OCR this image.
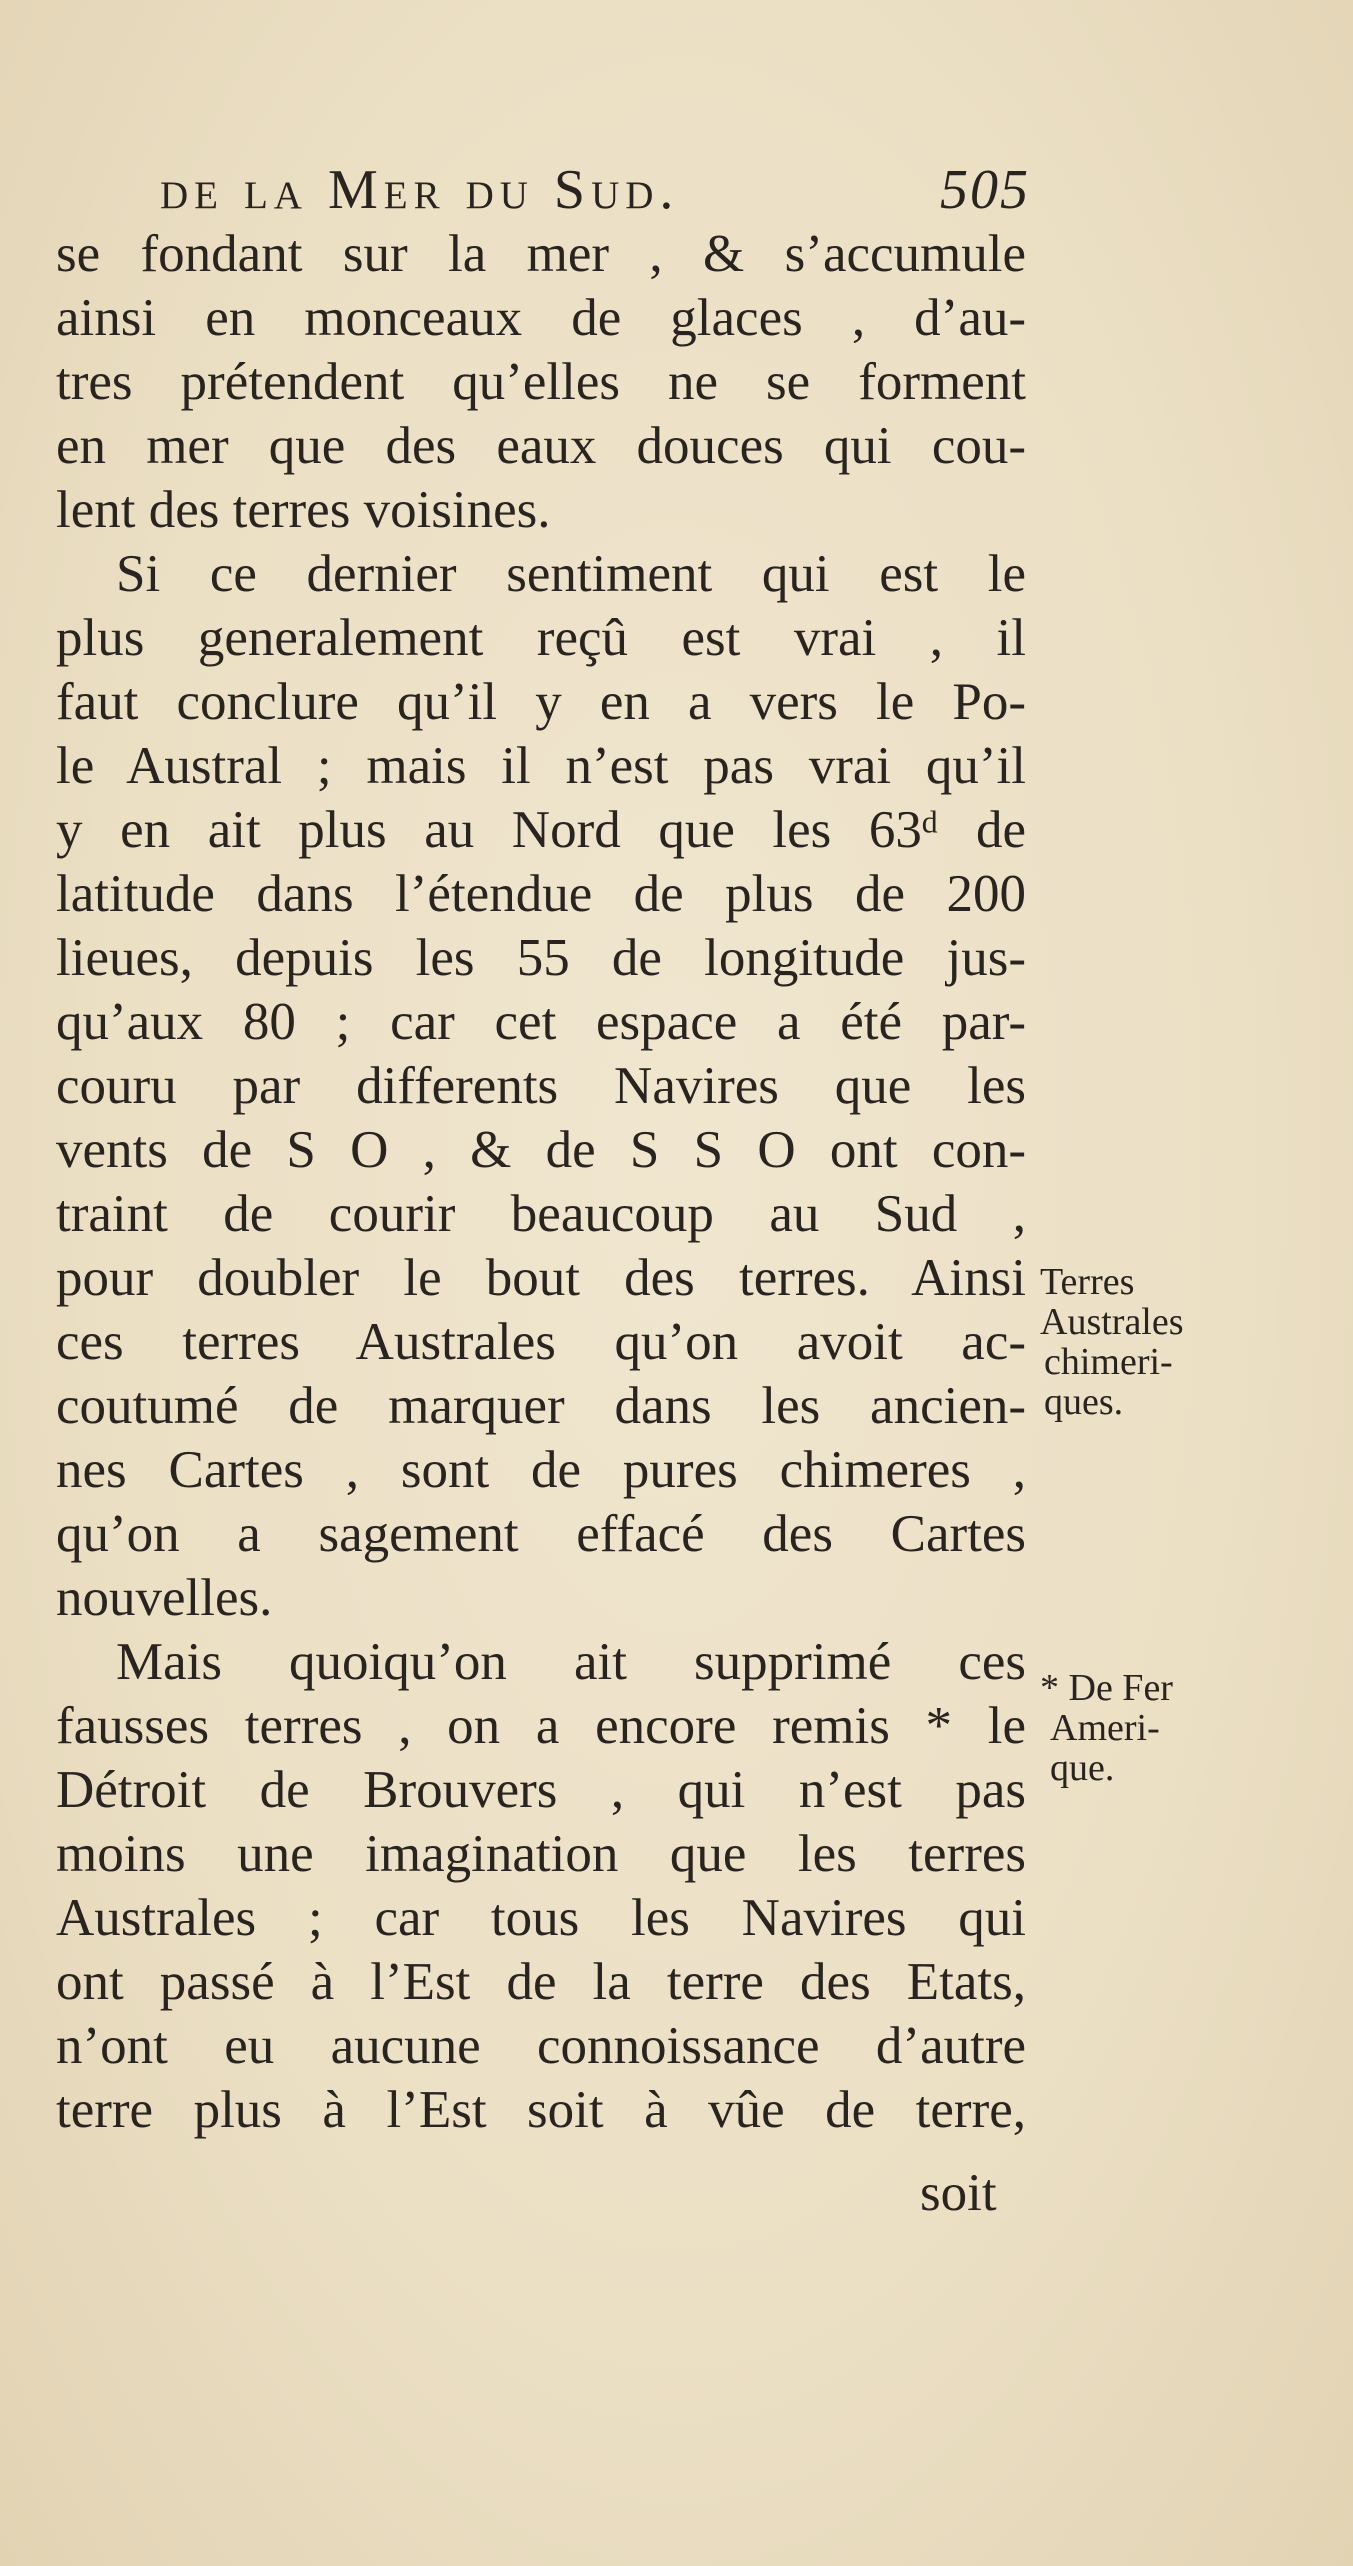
de la Mer du Sud.	505
se fondant sur la mer , & s’accumule
ainsi en monceaux de glaces , d’au-
tres prétendent qu’elles ne se forment
en mer que des eaux douces qui cou-
lent des terres voisines.
Si ce dernier sentiment qui est le
plus generalement reçû est vrai , il
faut conclure qu’il y en a vers le Po-
le Austral ; mais il n’est pas vrai qu’il
y en ait plus au Nord que les 63ᵈ de
latitude dans l’étendue de plus de 200
lieues, depuis les 55 de longitude jus-
qu’aux 80 ; car cet espace a été par-
couru par differents Navires que les
vents de S O , & de S S O ont con-
traint de courir beaucoup au Sud ,
pour doubler le bout des terres. Ainsi
ces terres Australes qu’on avoit ac-
coutumé de marquer dans les ancien-
nes Cartes , sont de pures chimeres ,
qu’on a sagement effacé des Cartes
nouvelles.
Mais quoiqu’on ait supprimé ces
fausses terres , on a encore remis * le
Détroit de Brouvers , qui n’est pas
moins une imagination que les terres
Australes ; car tous les Navires qui
ont passé à l’Est de la terre des Etats,
n’ont eu aucune connoissance d’autre
terre plus à l’Est soit à vûe de terre,
Terres
Australes
chimeri-
ques.
* De Fer
Ameri-
que.
soit
